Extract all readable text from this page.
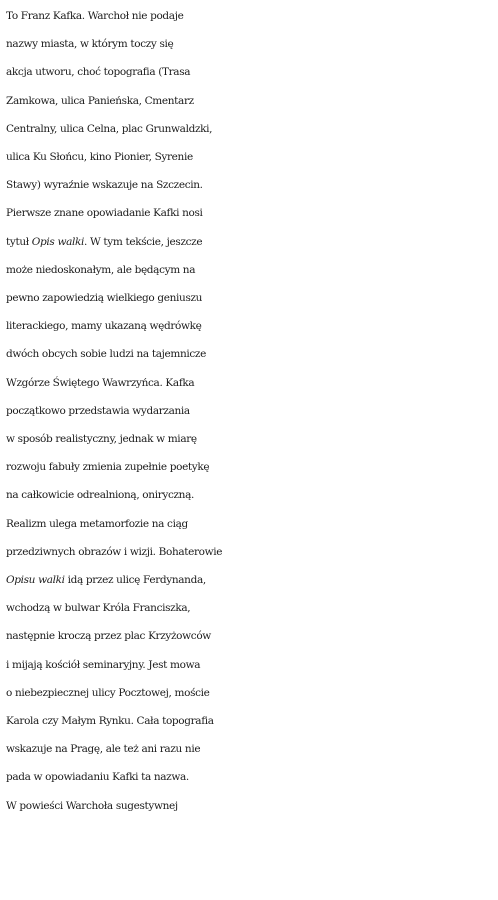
To Franz Kafka. Warchoł nie podaje
nazwy miasta, w którym toczy się
akcja utworu, choć topografia (Trasa
Zamkowa, ulica Panieńska, Cmentarz
Centralny, ulica Celna, plac Grunwaldzki,
ulica Ku Słońcu, kino Pionier, Syrenie
Stawy) wyraźnie wskazuje na Szczecin.
Pierwsze znane opowiadanie Kafki nosi
tytuł Opis walki. W tym tekście, jeszcze
może niedoskonałym, ale będącym na
pewno zapowiedzią wielkiego geniuszu
literackiego, mamy ukazaną wędrówkę
dwóch obcych sobie ludzi na tajemnicze
Wzgórze Świętego Wawrzyńca. Kafka
początkowo przedstawia wydarzania
w sposób realistyczny, jednak w miarę
rozwoju fabuły zmienia zupełnie poetykę
na całkowicie odrealnioną, oniryczną.
Realizm ulega metamorfozie na ciąg
przedziwnych obrazów i wizji. Bohaterowie
Opisu walki idą przez ulicę Ferdynanda,
wchodzą w bulwar Króla Franciszka,
następnie kroczą przez plac Krzyżowców
i mijają kościół seminaryjny. Jest mowa
o niebezpiecznej ulicy Pocztowej, moście
Karola czy Małym Rynku. Cała topografia
wskazuje na Pragę, ale też ani razu nie
pada w opowiadaniu Kafki ta nazwa.
W powieści Warchoła sugestywnej
